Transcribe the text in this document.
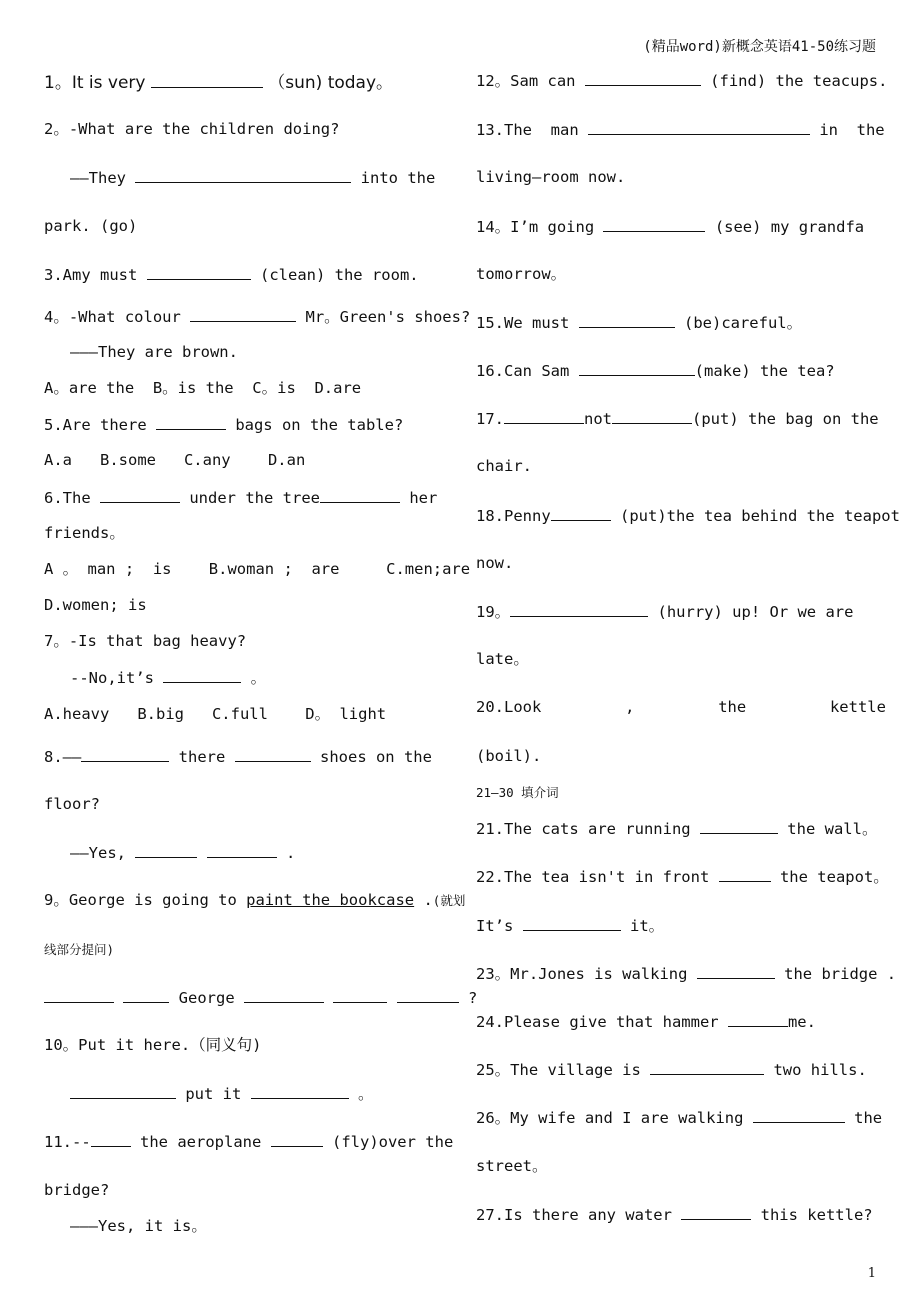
(精品word)新概念英语41-50练习题
1。It is very	（sun) today。
2。-What are the children doing?
——They	into the
park. (go)
3.Amy must	(clean) the room.
4。-What colour	Mr。Green's shoes?
———They are brown.
A。are the  B。is the  C。is  D.are
5.Are there	bags on the table?
A.a   B.some   C.any    D.an
6.The	under the tree	her
friends。
A 。 man ;  is    B.woman ;  are     C.men;are
D.women; is
7。-Is that bag heavy?
--No,it’s	。
A.heavy   B.big   C.full    D。 light
8.——	there	shoes on the
floor?
——Yes,	.
9。George is going to paint the bookcase .(就划
线部分提问)
George	?
10。Put it here.（同义句)
put it	。
11.--	the aeroplane	(fly)over the
bridge?
———Yes, it is。
12。Sam can	(find) the teacups.
13.The  man	in  the
living—room now.
14。I’m going	(see) my grandfa
tomorrow。
15.We must	(be)careful。
16.Can Sam	(make) the tea?
17.	not	(put) the bag on the
chair.
18.Penny	(put)the tea behind the teapot
now.
19。	(hurry) up! Or we are
late。
20.Look	,	the	kettle
(boil).
21—30 填介词
21.The cats are running	the wall。
22.The tea isn't in front	the teapot。
It’s	it。
23。Mr.Jones is walking	the bridge .
24.Please give that hammer	me.
25。The village is	two hills.
26。My wife and I are walking	the
street。
27.Is there any water	this kettle?
1
